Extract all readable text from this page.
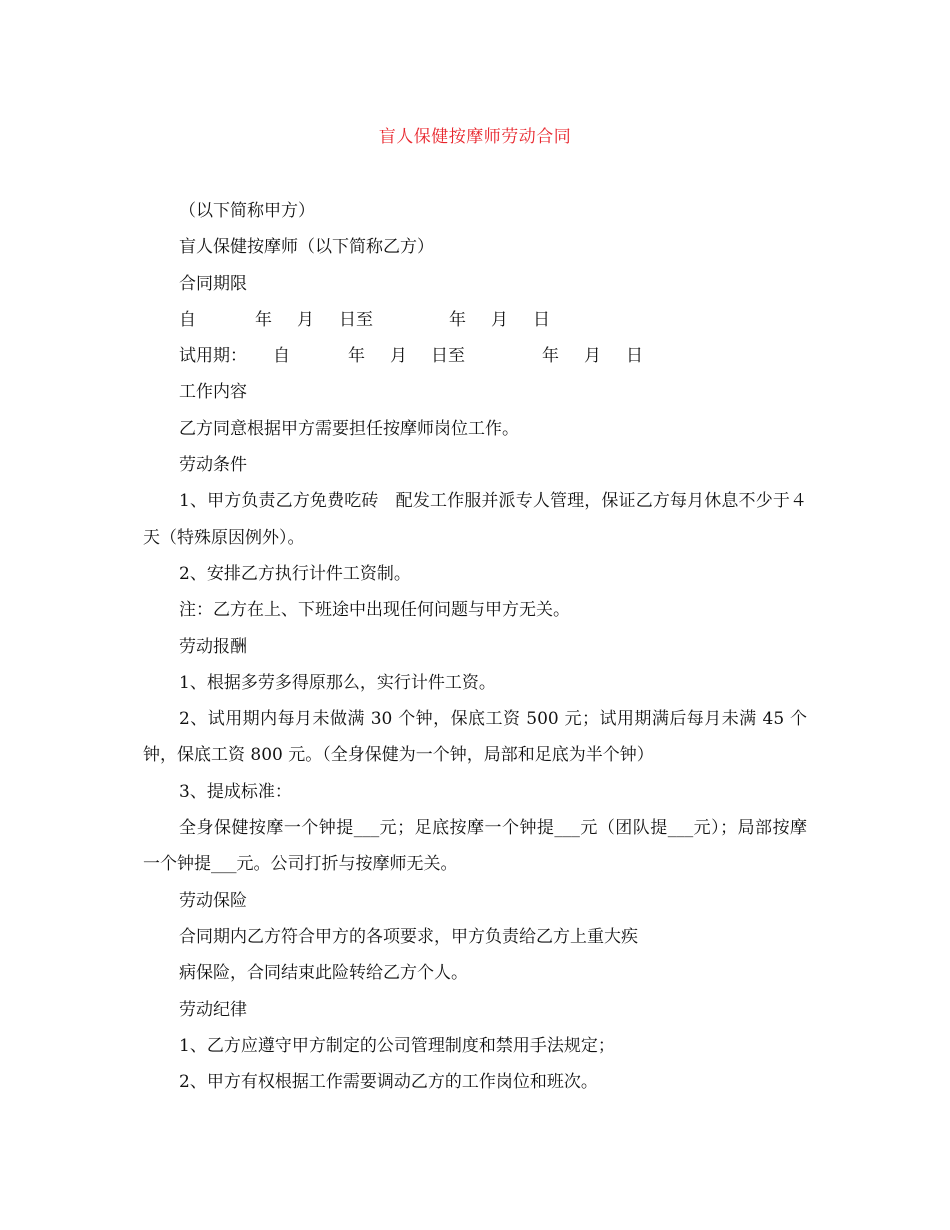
盲人保健按摩师劳动合同

（以下简称甲方）

盲人保健按摩师（以下简称乙方）

合同期限

自	年 月 日至	年 月 日
试用期： 自	年 月 日至	年 月 日

工作内容

乙方同意根据甲方需要担任按摩师岗位工作。

劳动条件

1、甲方负责乙方免费吃砖　配发工作服并派专人管理，保证乙方每月休息不少于４天（特殊原因例外）。

2、安排乙方执行计件工资制。

注：乙方在上、下班途中出现任何问题与甲方无关。

劳动报酬

1、根据多劳多得原那么，实行计件工资。

2、试用期内每月未做满 30 个钟，保底工资 500 元；试用期满后每月未满 45 个钟，保底工资 800 元。（全身保健为一个钟，局部和足底为半个钟）

3、提成标准：

全身保健按摩一个钟提___元；足底按摩一个钟提___元（团队提___元）；局部按摩一个钟提___元。公司打折与按摩师无关。

劳动保险

合同期内乙方符合甲方的各项要求，甲方负责给乙方上重大疾

病保险，合同结束此险转给乙方个人。

劳动纪律

1、乙方应遵守甲方制定的公司管理制度和禁用手法规定；

2、甲方有权根据工作需要调动乙方的工作岗位和班次。
